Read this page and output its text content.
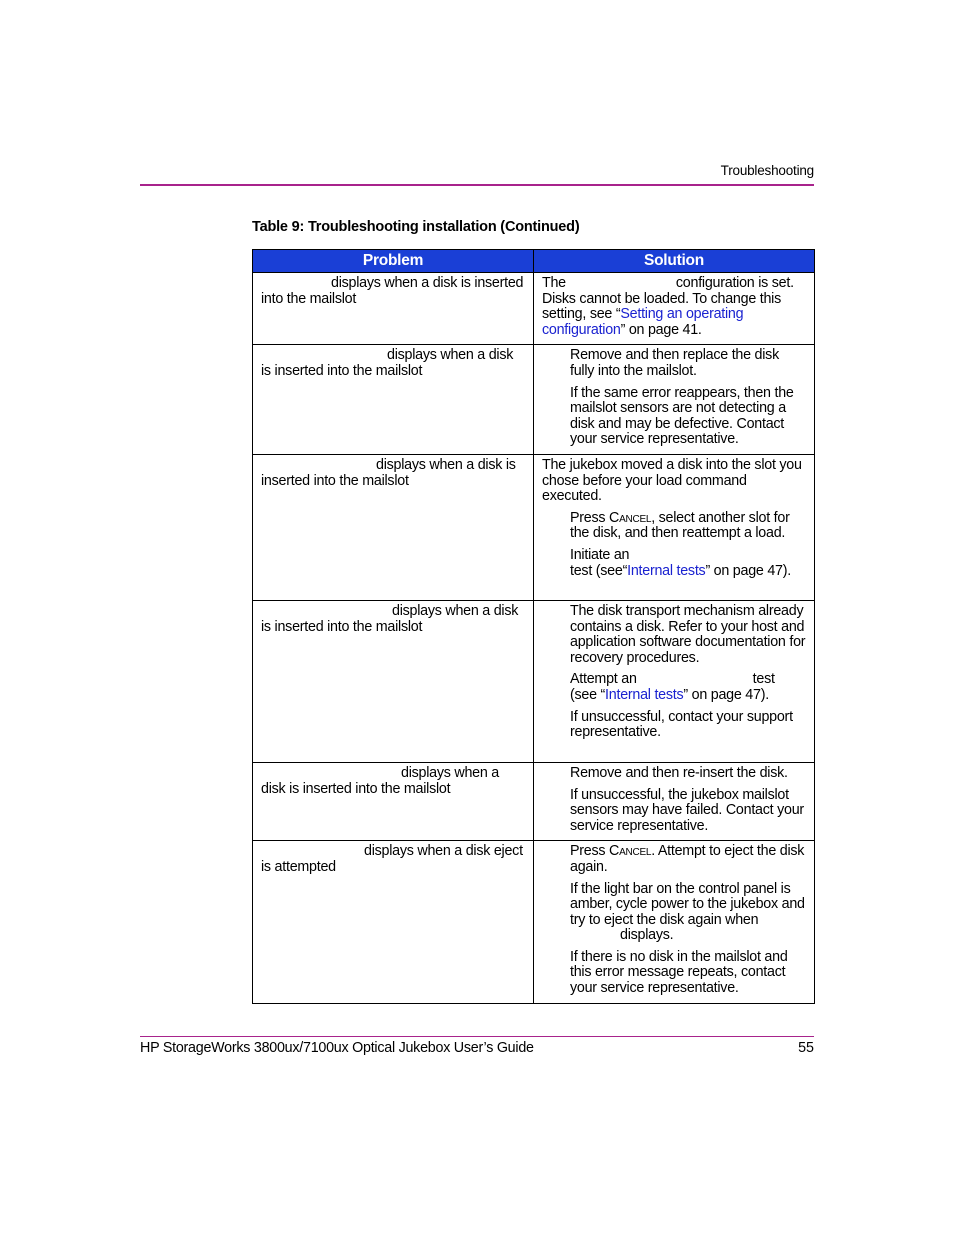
Troubleshooting
Table 9: Troubleshooting installation (Continued)
Problem	Solution
displays when a disk is inserted into the mailslot	The configuration is set. Disks cannot be loaded. To change this setting, see “Setting an operating configuration” on page 41.
displays when a disk is inserted into the mailslot	Remove and then replace the disk fully into the mailslot.
If the same error reappears, then the mailslot sensors are not detecting a disk and may be defective. Contact your service representative.

displays when a disk is inserted into the mailslot	The jukebox moved a disk into the slot you chose before your load command executed.
Press Cancel, select another slot for the disk, and then reattempt a load.
Initiate an
test (see“Internal tests” on page 47).

displays when a disk is inserted into the mailslot	The disk transport mechanism already contains a disk. Refer to your host and application software documentation for recovery procedures.
Attempt an test
(see “Internal tests” on page 47).
If unsuccessful, contact your support representative.

displays when a disk is inserted into the mailslot	Remove and then re-insert the disk.
If unsuccessful, the jukebox mailslot sensors may have failed. Contact your service representative.

displays when a disk eject is attempted	Press Cancel. Attempt to eject the disk again.
If the light bar on the control panel is amber, cycle power to the jukebox and try to eject the disk again when
displays.
If there is no disk in the mailslot and this error message repeats, contact your service representative.
HP StorageWorks 3800ux/7100ux Optical Jukebox User’s Guide	55
